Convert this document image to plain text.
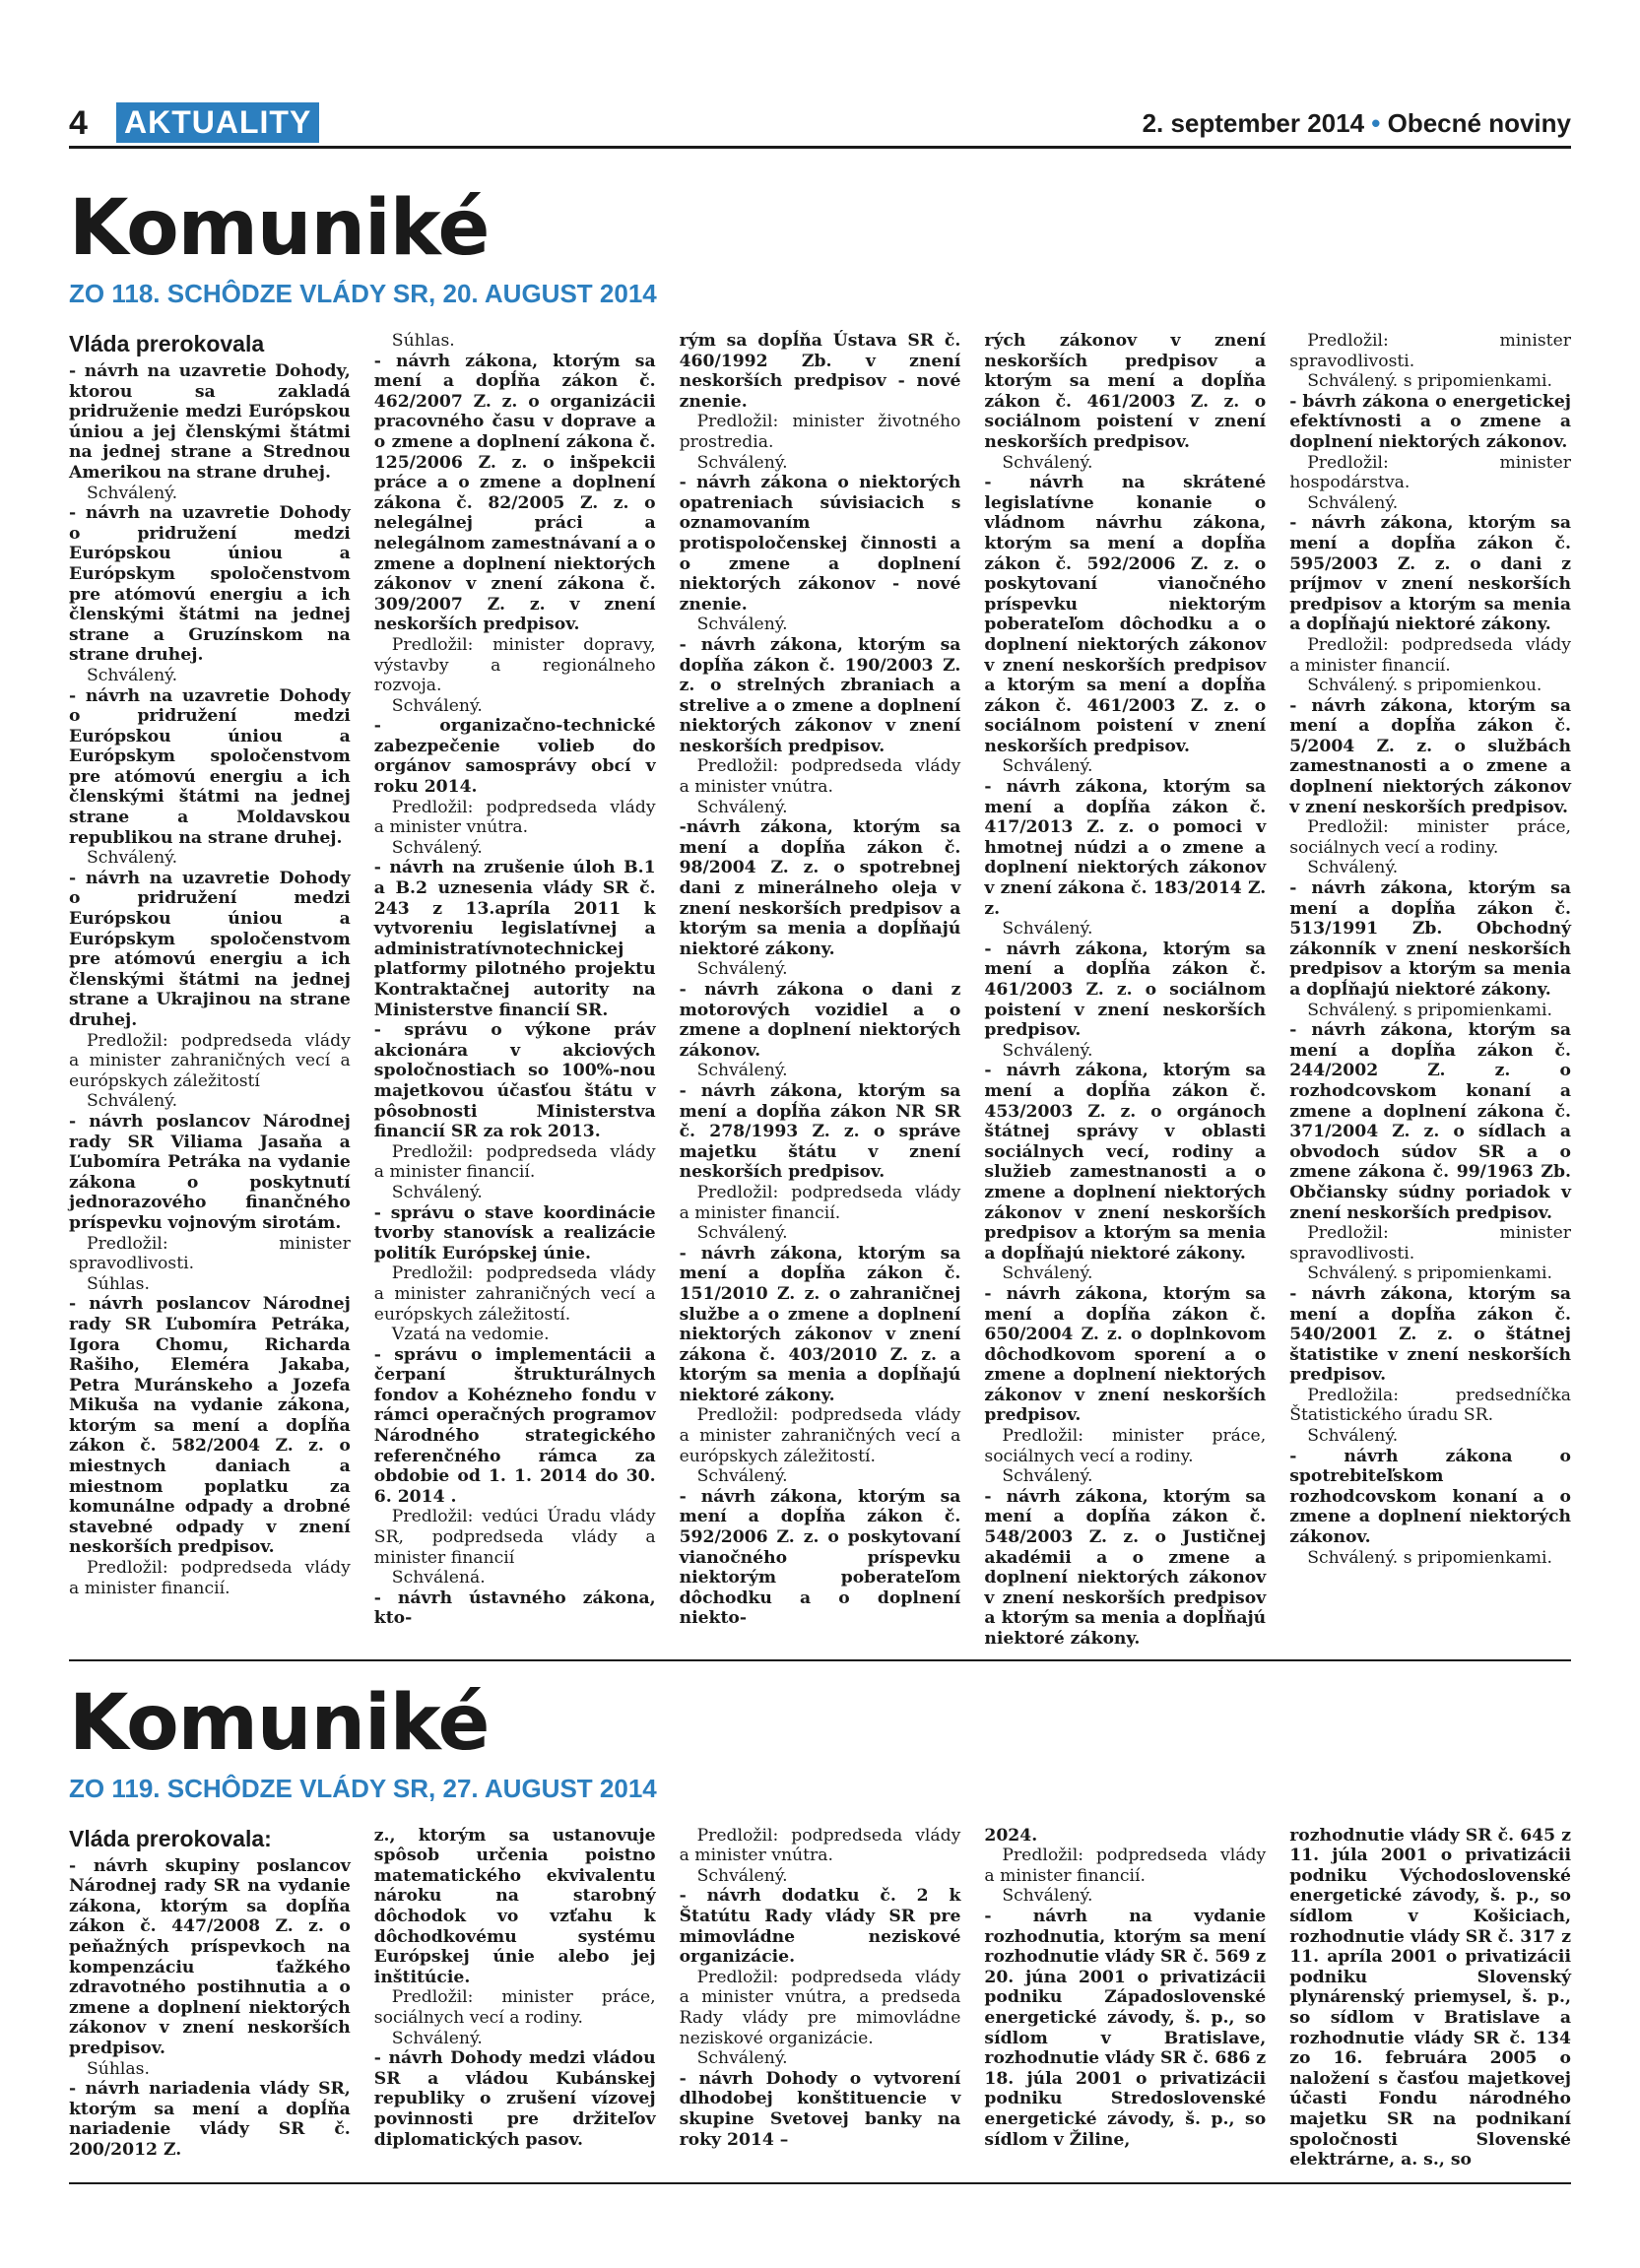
4 AKTUALITY	2. september 2014 • Obecné noviny
Komuniké
ZO 118. SCHÔDZE VLÁDY SR, 20. AUGUST 2014
Vláda prerokovala

- návrh na uzavretie Dohody, ktorou sa zakladá pridruženie medzi Európskou úniou a jej členskými štátmi na jednej strane a Strednou Amerikou na strane druhej.

Schválený.

- návrh na uzavretie Dohody o pridružení medzi Európskou úniou a Európskym spoločenstvom pre atómovú energiu a ich členskými štátmi na jednej strane a Gruzínskom na strane druhej.

Schválený.

- návrh na uzavretie Dohody o pridružení medzi Európskou úniou a Európskym spoločenstvom pre atómovú energiu a ich členskými štátmi na jednej strane a Moldavskou republikou na strane druhej.

Schválený.

- návrh na uzavretie Dohody o pridružení medzi Európskou úniou a Európskym spoločenstvom pre atómovú energiu a ich členskými štátmi na jednej strane a Ukrajinou na strane druhej.

Predložil: podpredseda vlády a minister zahraničných vecí a európskych záležitostí

Schválený.

- návrh poslancov Národnej rady SR Viliama Jasaňa a Ľubomíra Petráka na vydanie zákona o poskytnutí jednorazového finančného príspevku vojnovým sirotám.

Predložil: minister spravodlivosti.

Súhlas.

- návrh poslancov Národnej rady SR Ľubomíra Petráka, Igora Chomu, Richarda Rašiho, Eleméra Jakaba, Petra Muránskeho a Jozefa Mikuša na vydanie zákona, ktorým sa mení a dopĺňa zákon č. 582/2004 Z. z. o miestnych daniach a miestnom poplatku za komunálne odpady a drobné stavebné odpady v znení neskorších predpisov.

Predložil: podpredseda vlády a minister financií.

Súhlas.

- návrh zákona, ktorým sa mení a dopĺňa zákon č. 462/2007 Z. z. o organizácii pracovného času v doprave a o zmene a doplnení zákona č. 125/2006 Z. z. o inšpekcii práce a o zmene a doplnení zákona č. 82/2005 Z. z. o nelegálnej práci a nelegálnom zamestnávaní a o zmene a doplnení niektorých zákonov v znení zákona č. 309/2007 Z. z. v znení neskorších predpisov.

Predložil: minister dopravy, výstavby a regionálneho rozvoja.

Schválený.

- organizačno-technické zabezpečenie volieb do orgánov samosprávy obcí v roku 2014.

Predložil: podpredseda vlády a minister vnútra.

Schválený.

- návrh na zrušenie úloh B.1 a B.2 uznesenia vlády SR č. 243 z 13.apríla 2011 k vytvoreniu legislatívnej a administratívnotechnickej platformy pilotného projektu Kontraktačnej autority na Ministerstve financií SR.

- správu o výkone práv akcionára v akciových spoločnostiach so 100%-nou majetkovou účasťou štátu v pôsobnosti Ministerstva financií SR za rok 2013.

Predložil: podpredseda vlády a minister financií.

Schválený.

- správu o stave koordinácie tvorby stanovísk a realizácie politík Európskej únie.

Predložil: podpredseda vlády a minister zahraničných vecí a európskych záležitostí.

Vzatá na vedomie.

- správu o implementácii a čerpaní štrukturálnych fondov a Kohézneho fondu v rámci operačných programov Národného strategického referenčného rámca za obdobie od 1. 1. 2014 do 30. 6. 2014 .

Predložil: vedúci Úradu vlády SR, podpredseda vlády a minister financií

Schválená.

- návrh ústavného zákona, kto-

rým sa dopĺňa Ústava SR č. 460/1992 Zb. v znení neskorších predpisov - nové znenie.

Predložil: minister životného prostredia.

Schválený.

- návrh zákona o niektorých opatreniach súvisiacich s oznamovaním protispoločenskej činnosti a o zmene a doplnení niektorých zákonov - nové znenie.

Schválený.

- návrh zákona, ktorým sa dopĺňa zákon č. 190/2003 Z. z. o strelných zbraniach a strelive a o zmene a doplnení niektorých zákonov v znení neskorších predpisov.

Predložil: podpredseda vlády a minister vnútra.

Schválený.

-návrh zákona, ktorým sa mení a dopĺňa zákon č. 98/2004 Z. z. o spotrebnej dani z minerálneho oleja v znení neskorších predpisov a ktorým sa menia a dopĺňajú niektoré zákony.

Schválený.

- návrh zákona o dani z motorových vozidiel a o zmene a doplnení niektorých zákonov.

Schválený.

- návrh zákona, ktorým sa mení a dopĺňa zákon NR SR č. 278/1993 Z. z. o správe majetku štátu v znení neskorších predpisov.

Predložil: podpredseda vlády a minister financií.

Schválený.

- návrh zákona, ktorým sa mení a dopĺňa zákon č. 151/2010 Z. z. o zahraničnej službe a o zmene a doplnení niektorých zákonov v znení zákona č. 403/2010 Z. z. a ktorým sa menia a dopĺňajú niektoré zákony.

Predložil: podpredseda vlády a minister zahraničných vecí a európskych záležitostí.

Schválený.

- návrh zákona, ktorým sa mení a dopĺňa zákon č. 592/2006 Z. z. o poskytovaní vianočného príspevku niektorým poberateľom dôchodku a o doplnení niekto-

rých zákonov v znení neskorších predpisov a ktorým sa mení a dopĺňa zákon č. 461/2003 Z. z. o sociálnom poistení v znení neskorších predpisov.

Schválený.

- návrh na skrátené legislatívne konanie o vládnom návrhu zákona, ktorým sa mení a dopĺňa zákon č. 592/2006 Z. z. o poskytovaní vianočného príspevku niektorým poberateľom dôchodku a o doplnení niektorých zákonov v znení neskorších predpisov a ktorým sa mení a dopĺňa zákon č. 461/2003 Z. z. o sociálnom poistení v znení neskorších predpisov.

Schválený.

- návrh zákona, ktorým sa mení a dopĺňa zákon č. 417/2013 Z. z. o pomoci v hmotnej núdzi a o zmene a doplnení niektorých zákonov v znení zákona č. 183/2014 Z. z.

Schválený.

- návrh zákona, ktorým sa mení a dopĺňa zákon č. 461/2003 Z. z. o sociálnom poistení v znení neskorších predpisov.

Schválený.

- návrh zákona, ktorým sa mení a dopĺňa zákon č. 453/2003 Z. z. o orgánoch štátnej správy v oblasti sociálnych vecí, rodiny a služieb zamestnanosti a o zmene a doplnení niektorých zákonov v znení neskorších predpisov a ktorým sa menia a dopĺňajú niektoré zákony.

Schválený.

- návrh zákona, ktorým sa mení a dopĺňa zákon č. 650/2004 Z. z. o doplnkovom dôchodkovom sporení a o zmene a doplnení niektorých zákonov v znení neskorších predpisov.

Predložil: minister práce, sociálnych vecí a rodiny.

Schválený.

- návrh zákona, ktorým sa mení a dopĺňa zákon č. 548/2003 Z. z. o Justičnej akadémii a o zmene a doplnení niektorých zákonov v znení neskorších predpisov a ktorým sa menia a dopĺňajú niektoré zákony.

Predložil: minister spravodlivosti.

Schválený. s pripomienkami.

- bávrh zákona o energetickej efektívnosti a o zmene a doplnení niektorých zákonov.

Predložil: minister hospodárstva.

Schválený.

- návrh zákona, ktorým sa mení a dopĺňa zákon č. 595/2003 Z. z. o dani z príjmov v znení neskorších predpisov a ktorým sa menia a dopĺňajú niektoré zákony.

Predložil: podpredseda vlády a minister financií.

Schválený. s pripomienkou.

- návrh zákona, ktorým sa mení a dopĺňa zákon č. 5/2004 Z. z. o službách zamestnanosti a o zmene a doplnení niektorých zákonov v znení neskorších predpisov.

Predložil: minister práce, sociálnych vecí a rodiny.

Schválený.

- návrh zákona, ktorým sa mení a dopĺňa zákon č. 513/1991 Zb. Obchodný zákonník v znení neskorších predpisov a ktorým sa menia a dopĺňajú niektoré zákony.

Schválený. s pripomienkami.

- návrh zákona, ktorým sa mení a dopĺňa zákon č. 244/2002 Z. z. o rozhodcovskom konaní a zmene a doplnení zákona č. 371/2004 Z. z. o sídlach a obvodoch súdov SR a o zmene zákona č. 99/1963 Zb. Občiansky súdny poriadok v znení neskorších predpisov.

Predložil: minister spravodlivosti.

Schválený. s pripomienkami.

- návrh zákona, ktorým sa mení a dopĺňa zákon č. 540/2001 Z. z. o štátnej štatistike v znení neskorších predpisov.

Predložila: predsedníčka Štatistického úradu SR.

Schválený.

- návrh zákona o spotrebiteľskom rozhodcovskom konaní a o zmene a doplnení niektorých zákonov.

Schválený. s pripomienkami.

Komuniké
ZO 119. SCHÔDZE VLÁDY SR, 27. AUGUST 2014
Vláda prerokovala:

- návrh skupiny poslancov Národnej rady SR na vydanie zákona, ktorým sa dopĺňa zákon č. 447/2008 Z. z. o peňažných príspevkoch na kompenzáciu ťažkého zdravotného postihnutia a o zmene a doplnení niektorých zákonov v znení neskorších predpisov.

Súhlas.

- návrh nariadenia vlády SR, ktorým sa mení a dopĺňa nariadenie vlády SR č. 200/2012 Z.

z., ktorým sa ustanovuje spôsob určenia poistno matematického ekvivalentu nároku na starobný dôchodok vo vzťahu k dôchodkovému systému Európskej únie alebo jej inštitúcie.

Predložil: minister práce, sociálnych vecí a rodiny.

Schválený.

- návrh Dohody medzi vládou SR a vládou Kubánskej republiky o zrušení vízovej povinnosti pre držiteľov diplomatických pasov.

Predložil: podpredseda vlády a minister vnútra.

Schválený.

- návrh dodatku č. 2 k Štatútu Rady vlády SR pre mimovládne neziskové organizácie.

Predložil: podpredseda vlády a minister vnútra, a predseda Rady vlády pre mimovládne neziskové organizácie.

Schválený.

- návrh Dohody o vytvorení dlhodobej konštituencie v skupine Svetovej banky na roky 2014 –

2024.

Predložil: podpredseda vlády a minister financií.

Schválený.

- návrh na vydanie rozhodnutia, ktorým sa mení rozhodnutie vlády SR č. 569 z 20. júna 2001 o privatizácii podniku Západoslovenské energetické závody, š. p., so sídlom v Bratislave, rozhodnutie vlády SR č. 686 z 18. júla 2001 o privatizácii podniku Stredoslovenské energetické závody, š. p., so sídlom v Žiline,

rozhodnutie vlády SR č. 645 z 11. júla 2001 o privatizácii podniku Východoslovenské energetické závody, š. p., so sídlom v Košiciach, rozhodnutie vlády SR č. 317 z 11. apríla 2001 o privatizácii podniku Slovenský plynárenský priemysel, š. p., so sídlom v Bratislave a rozhodnutie vlády SR č. 134 zo 16. februára 2005 o naložení s časťou majetkovej účasti Fondu národného majetku SR na podnikaní spoločnosti Slovenské elektrárne, a. s., so
